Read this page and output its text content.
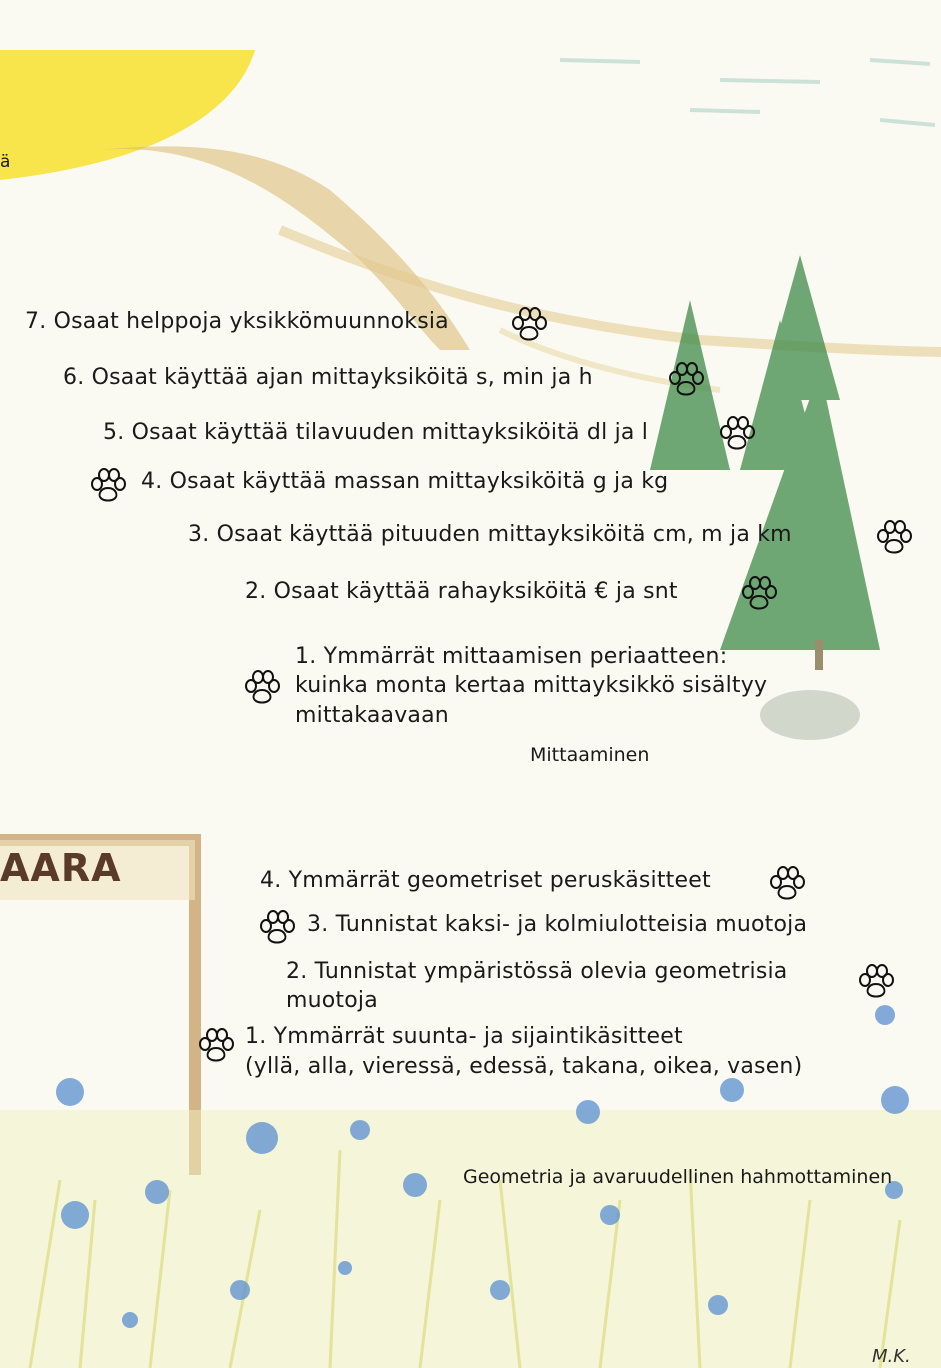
ä
AARA
7. Osaat helppoja yksikkömuunnoksia
6. Osaat käyttää ajan mittayksiköitä s, min ja h
5. Osaat käyttää tilavuuden mittayksiköitä dl ja l
4. Osaat käyttää massan mittayksiköitä g ja kg
3. Osaat käyttää pituuden mittayksiköitä cm, m ja km
2. Osaat käyttää rahayksiköitä € ja snt
1. Ymmärrät mittaamisen periaatteen:
kuinka monta kertaa mittayksikkö sisältyy
mittakaavaan
Mittaaminen
4. Ymmärrät geometriset peruskäsitteet
3. Tunnistat kaksi- ja kolmiulotteisia muotoja
2. Tunnistat ympäristössä olevia geometrisia
muotoja
1. Ymmärrät suunta- ja sijaintikäsitteet
(yllä, alla, vieressä, edessä, takana, oikea, vasen)
Geometria ja avaruudellinen hahmottaminen
M.K.
